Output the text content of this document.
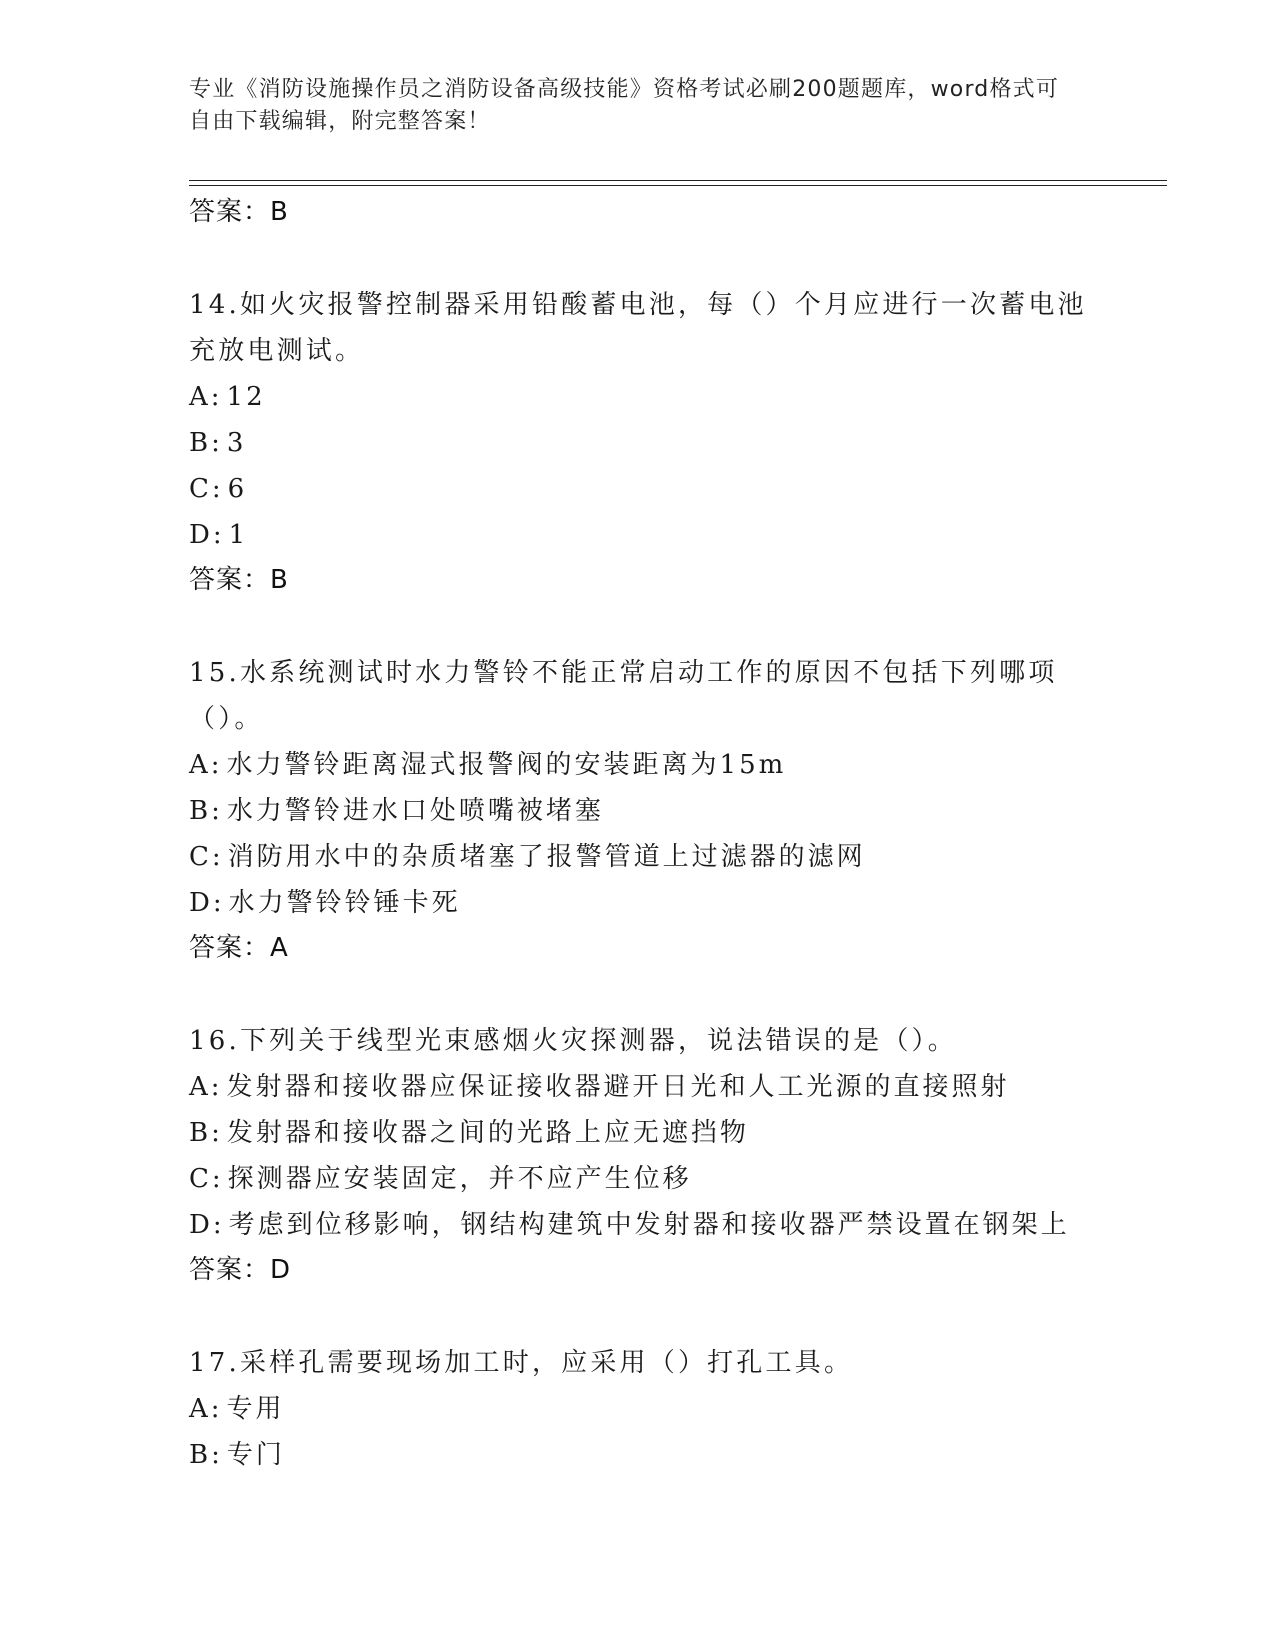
专业《消防设施操作员之消防设备高级技能》资格考试必刷200题题库，word格式可自由下载编辑，附完整答案！
答案：B
14.如火灾报警控制器采用铅酸蓄电池，每（）个月应进行一次蓄电池充放电测试。
A: 12
B: 3
C: 6
D: 1
答案：B
15.水系统测试时水力警铃不能正常启动工作的原因不包括下列哪项（）。
A: 水力警铃距离湿式报警阀的安装距离为15m
B: 水力警铃进水口处喷嘴被堵塞
C: 消防用水中的杂质堵塞了报警管道上过滤器的滤网
D: 水力警铃铃锤卡死
答案：A
16.下列关于线型光束感烟火灾探测器，说法错误的是（）。
A: 发射器和接收器应保证接收器避开日光和人工光源的直接照射
B: 发射器和接收器之间的光路上应无遮挡物
C: 探测器应安装固定，并不应产生位移
D: 考虑到位移影响，钢结构建筑中发射器和接收器严禁设置在钢架上
答案：D
17.采样孔需要现场加工时，应采用（）打孔工具。
A: 专用
B: 专门
